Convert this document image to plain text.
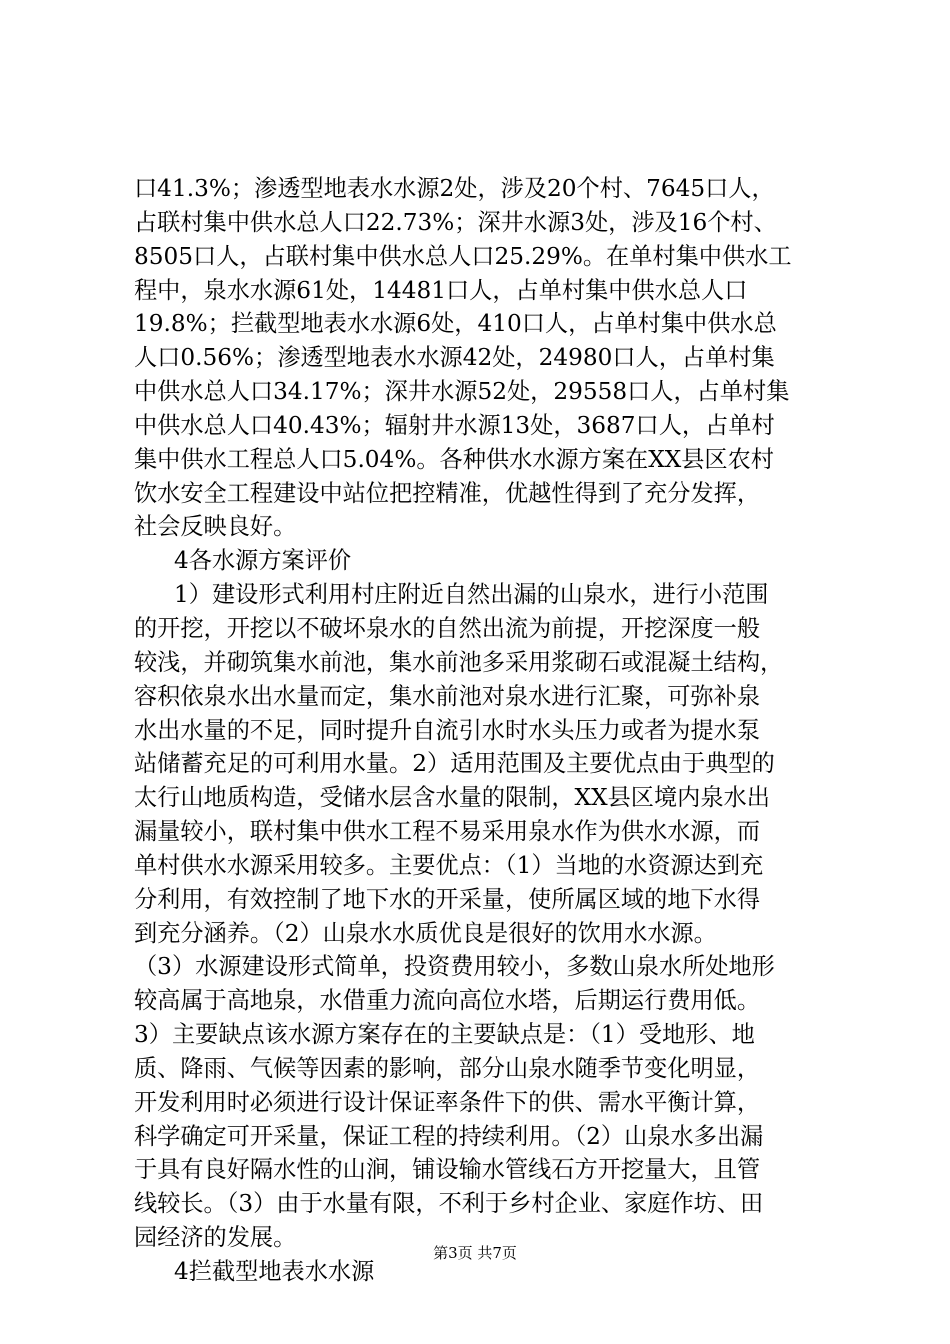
口41.3%；渗透型地表水水源2处，涉及20个村、7645口人，
占联村集中供水总人口22.73%；深井水源3处，涉及16个村、
8505口人，占联村集中供水总人口25.29%。在单村集中供水工
程中，泉水水源61处，14481口人，占单村集中供水总人口
19.8%；拦截型地表水水源6处，410口人，占单村集中供水总
人口0.56%；渗透型地表水水源42处，24980口人，占单村集
中供水总人口34.17%；深井水源52处，29558口人，占单村集
中供水总人口40.43%；辐射井水源13处，3687口人，占单村
集中供水工程总人口5.04%。各种供水水源方案在XX县区农村
饮水安全工程建设中站位把控精准，优越性得到了充分发挥，
社会反映良好。
4各水源方案评价
1）建设形式利用村庄附近自然出漏的山泉水，进行小范围
的开挖，开挖以不破坏泉水的自然出流为前提，开挖深度一般
较浅，并砌筑集水前池，集水前池多采用浆砌石或混凝土结构，
容积依泉水出水量而定，集水前池对泉水进行汇聚，可弥补泉
水出水量的不足，同时提升自流引水时水头压力或者为提水泵
站储蓄充足的可利用水量。2）适用范围及主要优点由于典型的
太行山地质构造，受储水层含水量的限制，XX县区境内泉水出
漏量较小，联村集中供水工程不易采用泉水作为供水水源，而
单村供水水源采用较多。主要优点：（1）当地的水资源达到充
分利用，有效控制了地下水的开采量，使所属区域的地下水得
到充分涵养。（2）山泉水水质优良是很好的饮用水水源。
（3）水源建设形式简单，投资费用较小，多数山泉水所处地形
较高属于高地泉，水借重力流向高位水塔，后期运行费用低。
3）主要缺点该水源方案存在的主要缺点是：（1）受地形、地
质、降雨、气候等因素的影响，部分山泉水随季节变化明显，
开发利用时必须进行设计保证率条件下的供、需水平衡计算，
科学确定可开采量，保证工程的持续利用。（2）山泉水多出漏
于具有良好隔水性的山涧，铺设输水管线石方开挖量大，且管
线较长。（3）由于水量有限，不利于乡村企业、家庭作坊、田
园经济的发展。
4拦截型地表水水源
第3页 共7页
